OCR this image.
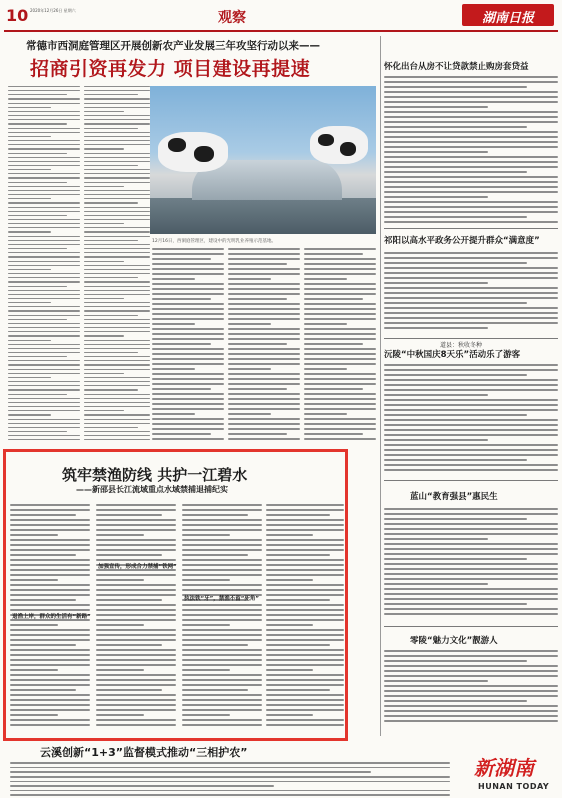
10 2020年12月26日 星期六	观察	湖南日报
常德市西洞庭管理区开展创新农产业发展三年攻坚行动以来——
招商引资再发力 项目建设再提速
12月16日，西洞庭管理区，建设中的光明乳业养殖示范基地。
怀化出台从房不让贷款禁止购房套贷益
祁阳以高水平政务公开提升群众“满意度”
道县：秋收冬种
沅陵“中秋国庆8天乐”活动乐了游客
蓝山“教育强县”惠民生
零陵“魅力文化”靓游人
筑牢禁渔防线 共护一江碧水
——新邵县长江流域重点水域禁捕退捕纪实
退渔上岸，群众的生活有“新路”
加强宣传，形成合力禁捕“铁网”
执法铁“牙”，禁渔不留“死角”
云溪创新“1+3”监督模式推动“三相护农”
新湖南
HUNAN TODAY
